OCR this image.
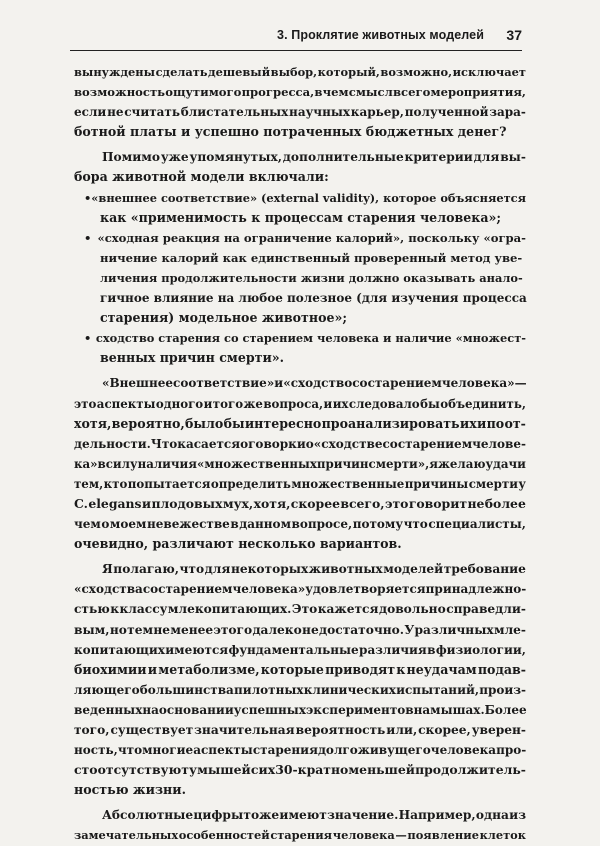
3. Проклятие животных моделей 37
вынуждены сделать дешевый выбор, который, возможно, исключает
возможность ощутимого прогресса, в чем смысл всего мероприятия,
если не считать блистательных научных карьер, полученной зара-
ботной платы и успешно потраченных бюджетных денег?
Помимо уже упомянутых, дополнительные критерии для вы-
бора животной модели включали:
• «внешнее соответствие» (external validity), которое объясняется
как «применимость к процессам старения человека»;
• «сходная реакция на ограничение калорий», поскольку «огра-
ничение калорий как единственный проверенный метод уве-
личения продолжительности жизни должно оказывать анало-
гичное влияние на любое полезное (для изучения процесса
старения) модельное животное»;
• сходство старения со старением человека и наличие «множест-
венных причин смерти».
«Внешнее соответствие» и «сходство со старением человека» —
это аспекты одного и того же вопроса, и их следовало бы объединить,
хотя, вероятно, было бы интересно проанализировать их и по от-
дельности. Что касается оговорки о «сходстве со старением челове-
ка» в силу наличия «множественных причин смерти», я желаю удачи
тем, кто попытается определить множественные причины смерти у
C. elegans и плодовых мух, хотя, скорее всего, это говорит не более
чем о моем невежестве в данном вопросе, потому что специалисты,
очевидно, различают несколько вариантов.
Я полагаю, что для некоторых животных моделей требование
«сходства со старением человека» удовлетворяется принадлежно-
стью к классу млекопитающих. Это кажется довольно справедли-
вым, но тем не менее этого далеко не достаточно. У различных мле-
копитающих имеются фундаментальные различия в физиологии,
биохимии и метаболизме, которые приводят к неудачам подав-
ляющего большинства пилотных клинических испытаний, произ-
веденных на основании успешных экспериментов на мышах. Более
того, существует значительная вероятность или, скорее, уверен-
ность, что многие аспекты старения долгоживущего человека про-
сто отсутствуют у мышей с их 30-кратно меньшей продолжитель-
ностью жизни.
Абсолютные цифры тоже имеют значение. Например, одна из
замечательных особенностей старения человека — появление клеток
